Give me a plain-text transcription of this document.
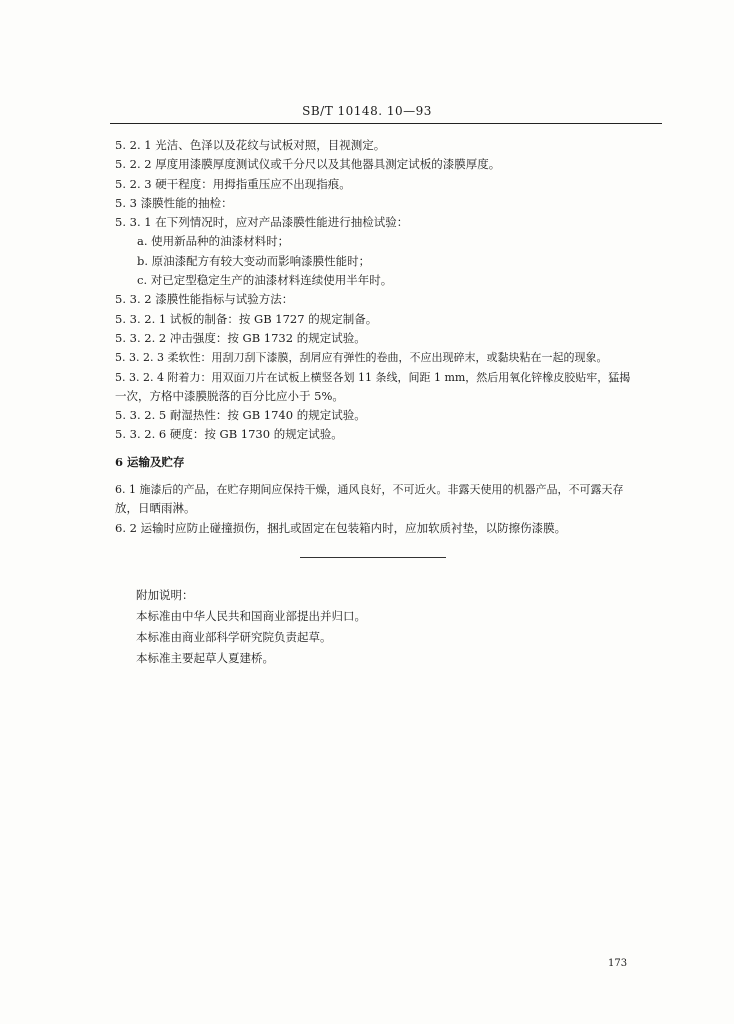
SB/T 10148. 10—93
5. 2. 1 光洁、色泽以及花纹与试板对照，目视测定。
5. 2. 2 厚度用漆膜厚度测试仪或千分尺以及其他器具测定试板的漆膜厚度。
5. 2. 3 硬干程度：用拇指重压应不出现指痕。
5. 3 漆膜性能的抽检：
5. 3. 1 在下列情况时，应对产品漆膜性能进行抽检试验：
a. 使用新品种的油漆材料时；
b. 原油漆配方有较大变动而影响漆膜性能时；
c. 对已定型稳定生产的油漆材料连续使用半年时。
5. 3. 2 漆膜性能指标与试验方法：
5. 3. 2. 1 试板的制备：按 GB 1727 的规定制备。
5. 3. 2. 2 冲击强度：按 GB 1732 的规定试验。
5. 3. 2. 3 柔软性：用刮刀刮下漆膜，刮屑应有弹性的卷曲，不应出现碎末，或黏块粘在一起的现象。
5. 3. 2. 4 附着力：用双面刀片在试板上横竖各划 11 条线，间距 1 mm，然后用氧化锌橡皮胶贴牢，猛揭
一次，方格中漆膜脱落的百分比应小于 5%。
5. 3. 2. 5 耐湿热性：按 GB 1740 的规定试验。
5. 3. 2. 6 硬度：按 GB 1730 的规定试验。
6 运输及贮存
6. 1 施漆后的产品，在贮存期间应保持干燥，通风良好，不可近火。非露天使用的机器产品，不可露天存
放，日晒雨淋。
6. 2 运输时应防止碰撞损伤，捆扎或固定在包装箱内时，应加软质衬垫，以防擦伤漆膜。
附加说明：
本标准由中华人民共和国商业部提出并归口。
本标准由商业部科学研究院负责起草。
本标准主要起草人夏建桥。
173
